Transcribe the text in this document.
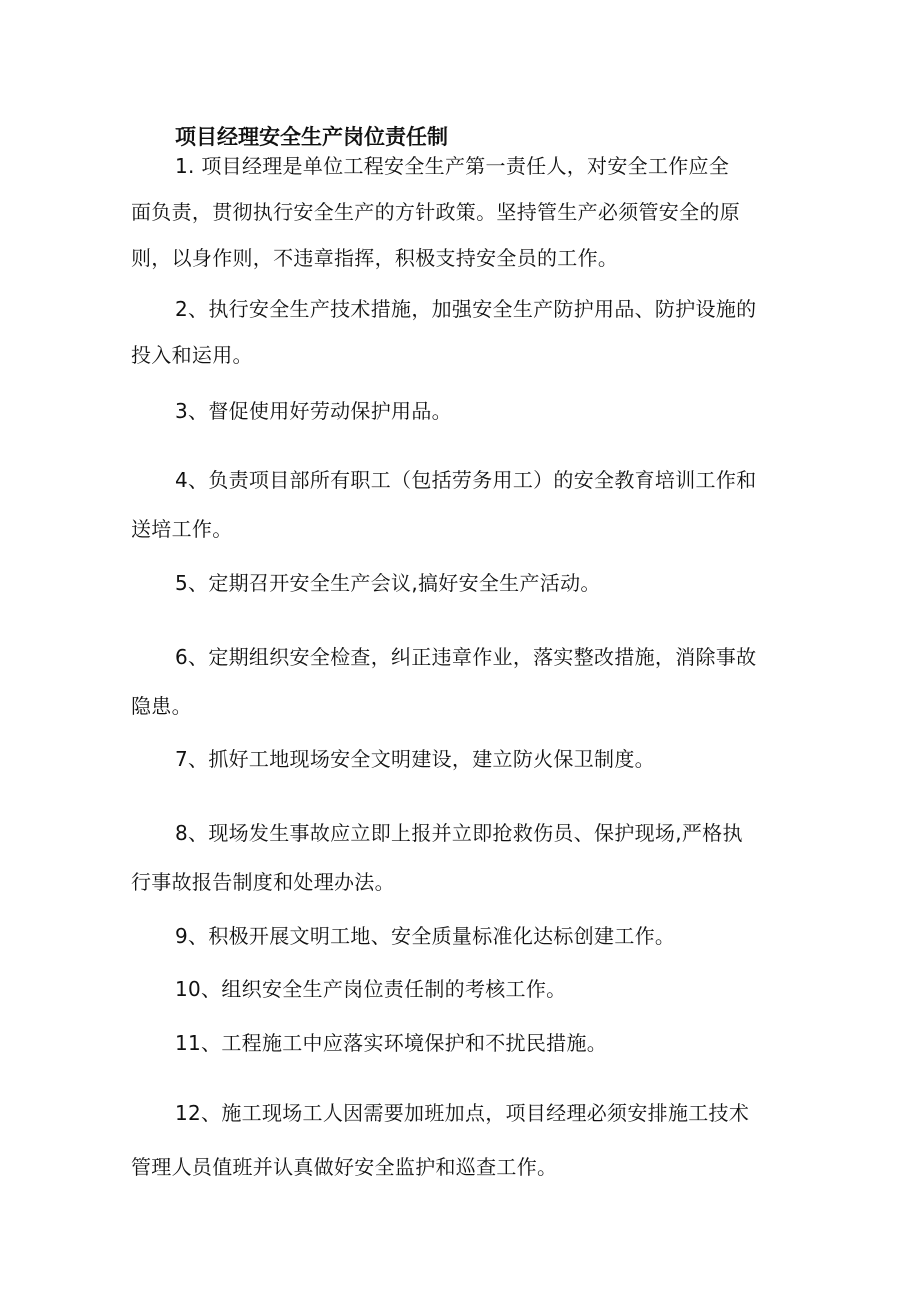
项目经理安全生产岗位责任制
1. 项目经理是单位工程安全生产第一责任人，对安全工作应全
面负责，贯彻执行安全生产的方针政策。坚持管生产必须管安全的原
则，以身作则，不违章指挥，积极支持安全员的工作。
2、执行安全生产技术措施，加强安全生产防护用品、防护设施的
投入和运用。
3、督促使用好劳动保护用品。
4、负责项目部所有职工（包括劳务用工）的安全教育培训工作和
送培工作。
5、定期召开安全生产会议,搞好安全生产活动。
6、定期组织安全检查，纠正违章作业，落实整改措施，消除事故
隐患。
7、抓好工地现场安全文明建设，建立防火保卫制度。
8、现场发生事故应立即上报并立即抢救伤员、保护现场,严格执
行事故报告制度和处理办法。
9、积极开展文明工地、安全质量标准化达标创建工作。
10、组织安全生产岗位责任制的考核工作。
11、工程施工中应落实环境保护和不扰民措施。
12、施工现场工人因需要加班加点，项目经理必须安排施工技术
管理人员值班并认真做好安全监护和巡查工作。
